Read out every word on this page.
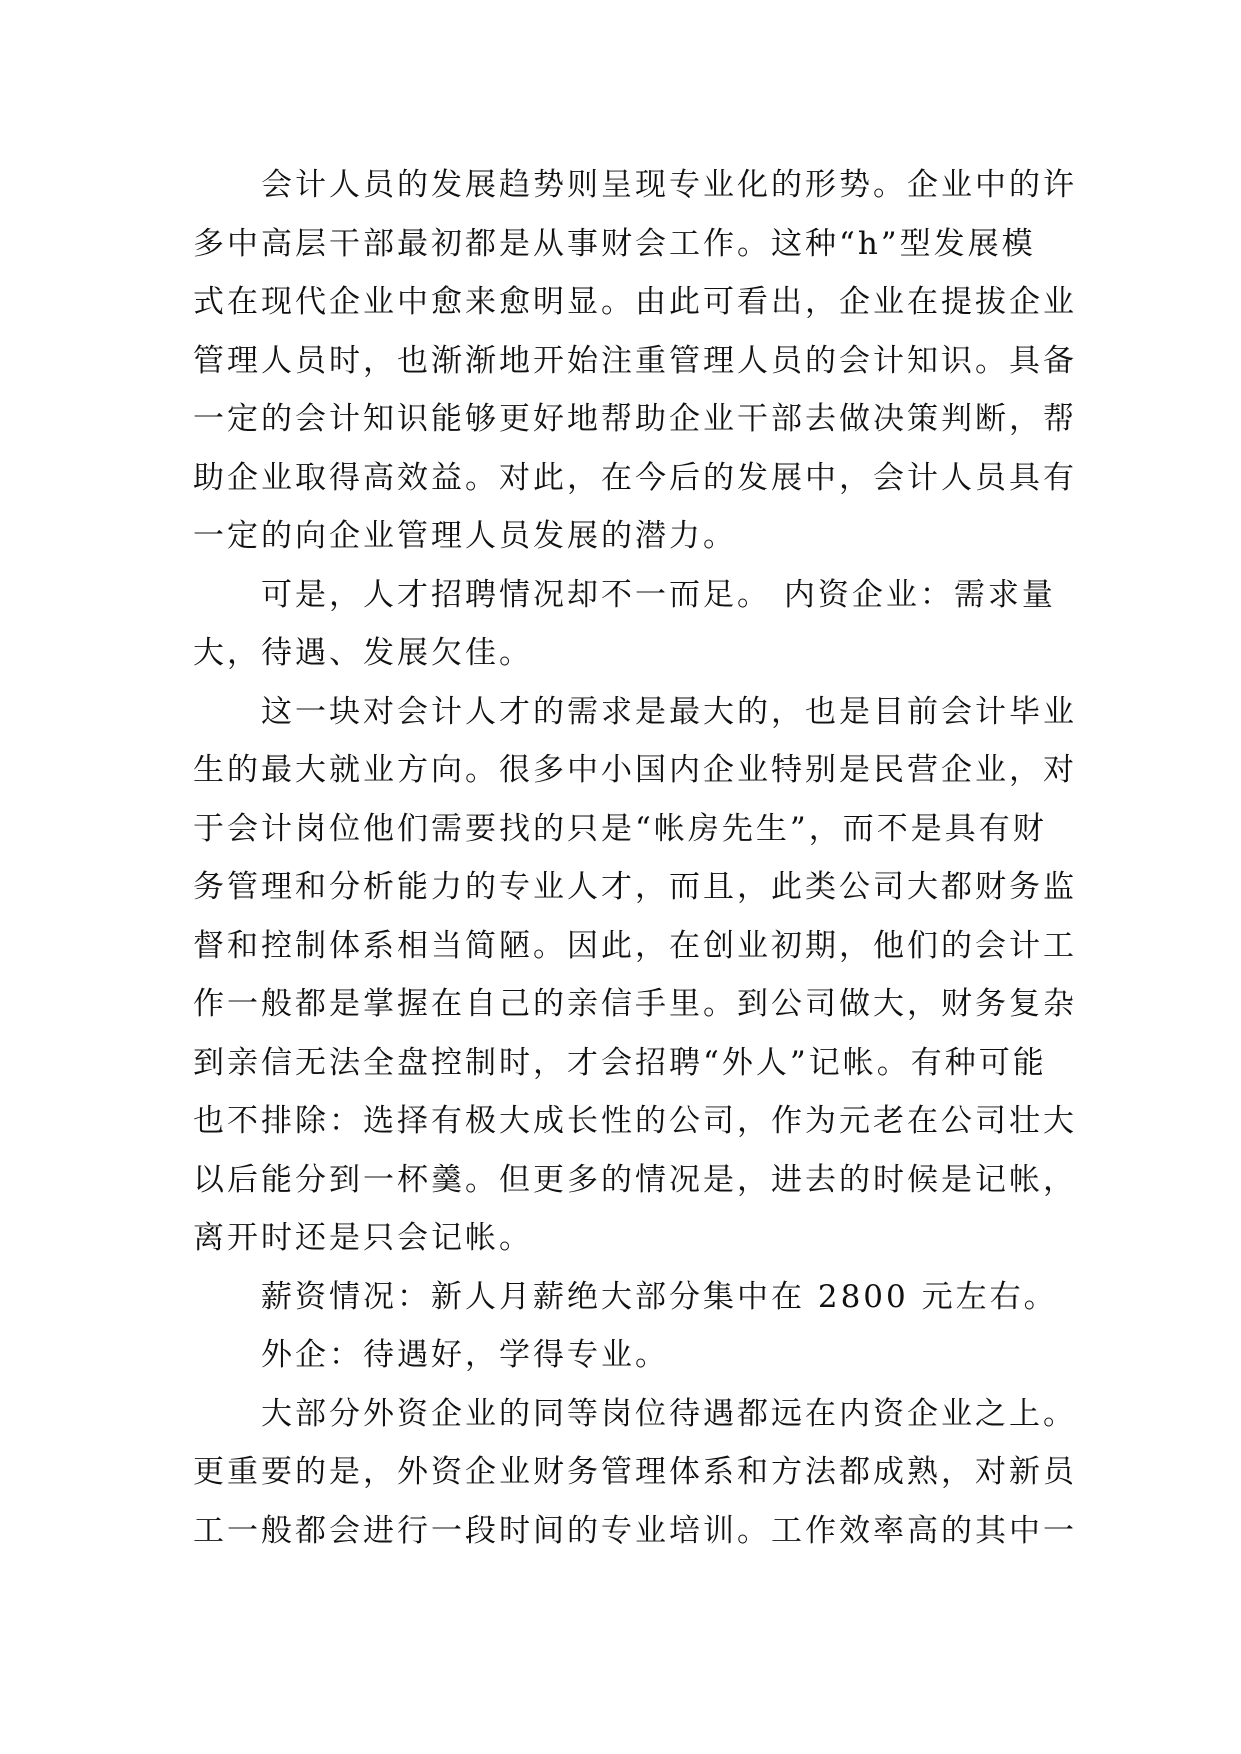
会计人员的发展趋势则呈现专业化的形势。企业中的许
多中高层干部最初都是从事财会工作。这种“h”型发展模
式在现代企业中愈来愈明显。由此可看出，企业在提拔企业
管理人员时，也渐渐地开始注重管理人员的会计知识。具备
一定的会计知识能够更好地帮助企业干部去做决策判断，帮
助企业取得高效益。对此，在今后的发展中，会计人员具有
一定的向企业管理人员发展的潜力。
可是，人才招聘情况却不一而足。 内资企业：需求量
大，待遇、发展欠佳。
这一块对会计人才的需求是最大的，也是目前会计毕业
生的最大就业方向。很多中小国内企业特别是民营企业，对
于会计岗位他们需要找的只是“帐房先生”，而不是具有财
务管理和分析能力的专业人才，而且，此类公司大都财务监
督和控制体系相当简陋。因此，在创业初期，他们的会计工
作一般都是掌握在自己的亲信手里。到公司做大，财务复杂
到亲信无法全盘控制时，才会招聘“外人”记帐。有种可能
也不排除：选择有极大成长性的公司，作为元老在公司壮大
以后能分到一杯羹。但更多的情况是，进去的时候是记帐，
离开时还是只会记帐。
薪资情况：新人月薪绝大部分集中在 2800 元左右。
外企：待遇好，学得专业。
大部分外资企业的同等岗位待遇都远在内资企业之上。
更重要的是，外资企业财务管理体系和方法都成熟，对新员
工一般都会进行一段时间的专业培训。工作效率高的其中一
